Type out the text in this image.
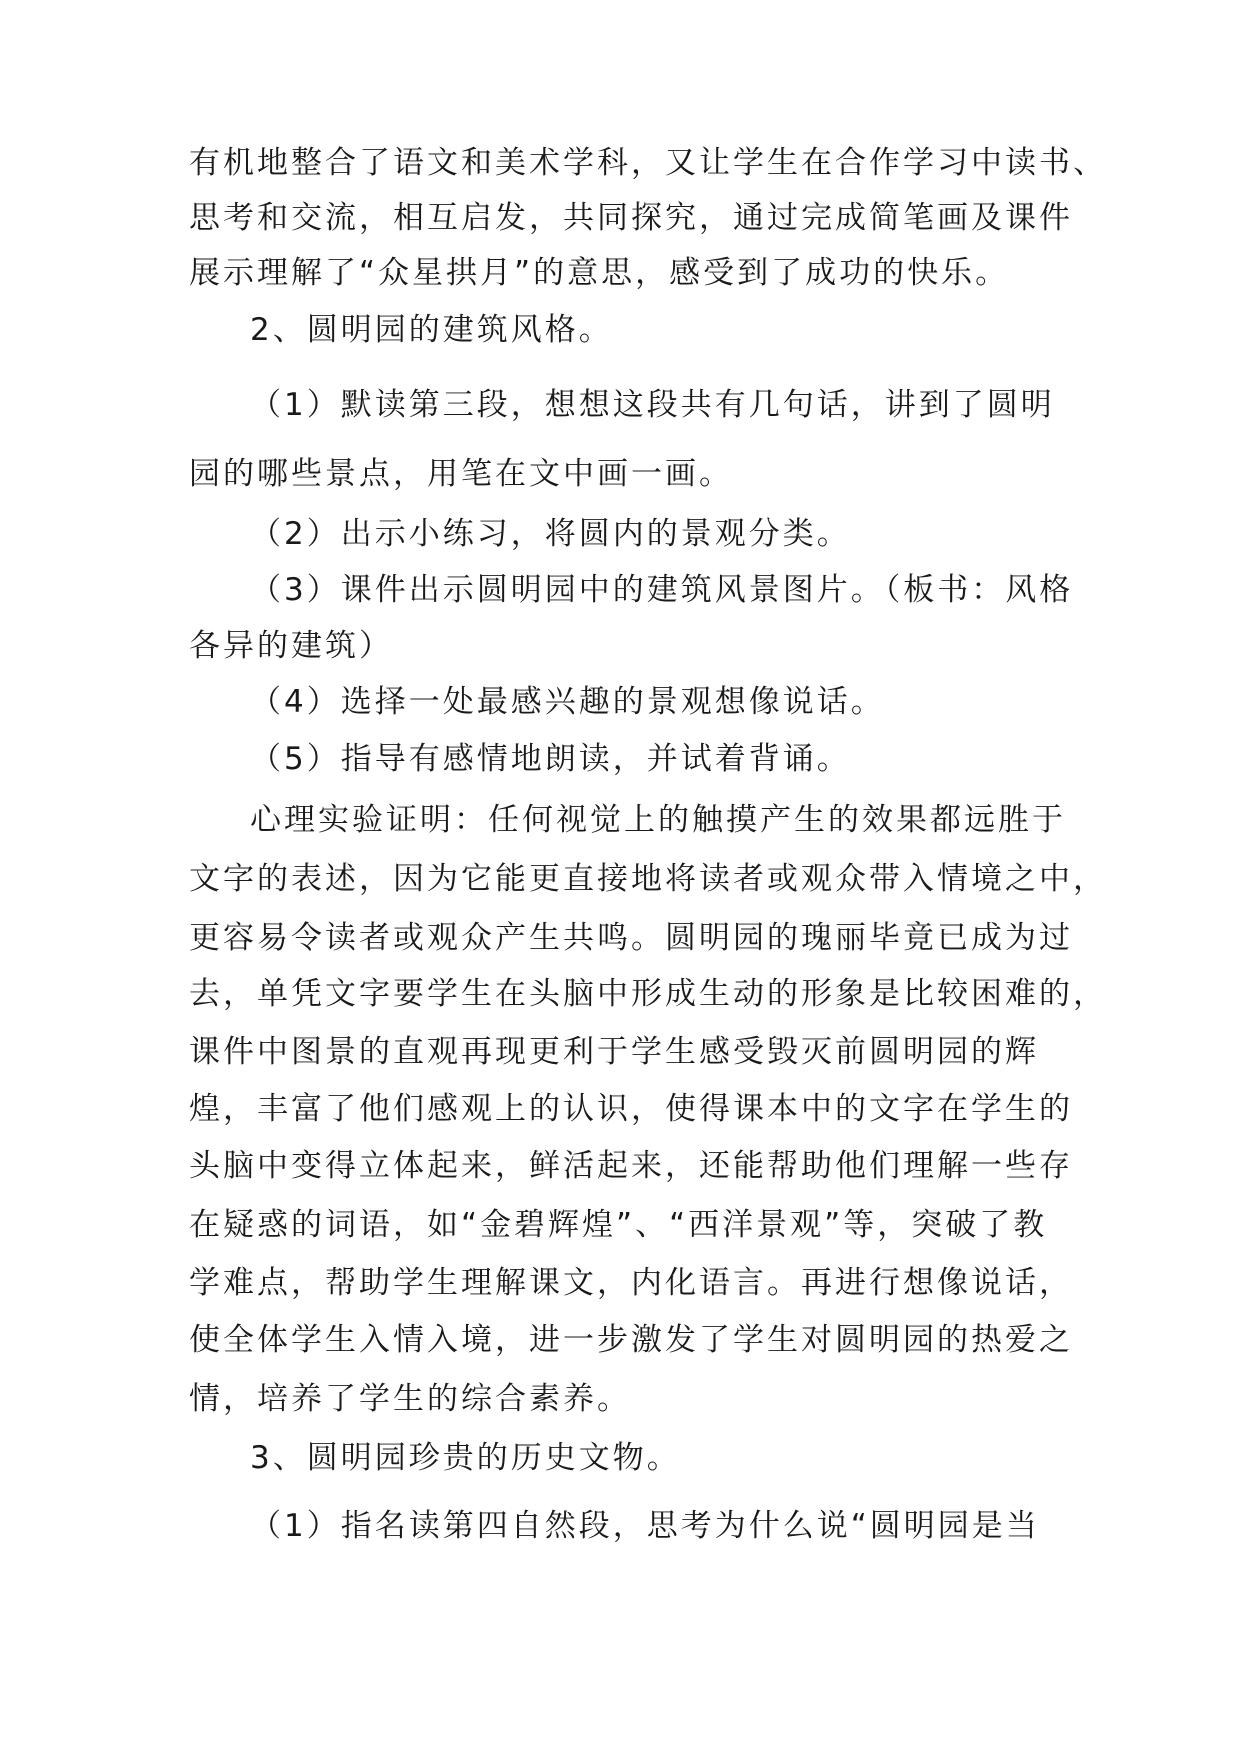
有机地整合了语文和美术学科，又让学生在合作学习中读书、
思考和交流，相互启发，共同探究，通过完成简笔画及课件
展示理解了“众星拱月”的意思，感受到了成功的快乐。
2、圆明园的建筑风格。
（1）默读第三段，想想这段共有几句话，讲到了圆明
园的哪些景点，用笔在文中画一画。
（2）出示小练习，将圆内的景观分类。
（3）课件出示圆明园中的建筑风景图片。（板书：风格
各异的建筑）
（4）选择一处最感兴趣的景观想像说话。
（5）指导有感情地朗读，并试着背诵。
心理实验证明：任何视觉上的触摸产生的效果都远胜于
文字的表述，因为它能更直接地将读者或观众带入情境之中，
更容易令读者或观众产生共鸣。圆明园的瑰丽毕竟已成为过
去，单凭文字要学生在头脑中形成生动的形象是比较困难的，
课件中图景的直观再现更利于学生感受毁灭前圆明园的辉
煌，丰富了他们感观上的认识，使得课本中的文字在学生的
头脑中变得立体起来，鲜活起来，还能帮助他们理解一些存
在疑惑的词语，如“金碧辉煌”、“西洋景观”等，突破了教
学难点，帮助学生理解课文，内化语言。再进行想像说话，
使全体学生入情入境，进一步激发了学生对圆明园的热爱之
情，培养了学生的综合素养。
3、圆明园珍贵的历史文物。
（1）指名读第四自然段，思考为什么说“圆明园是当
